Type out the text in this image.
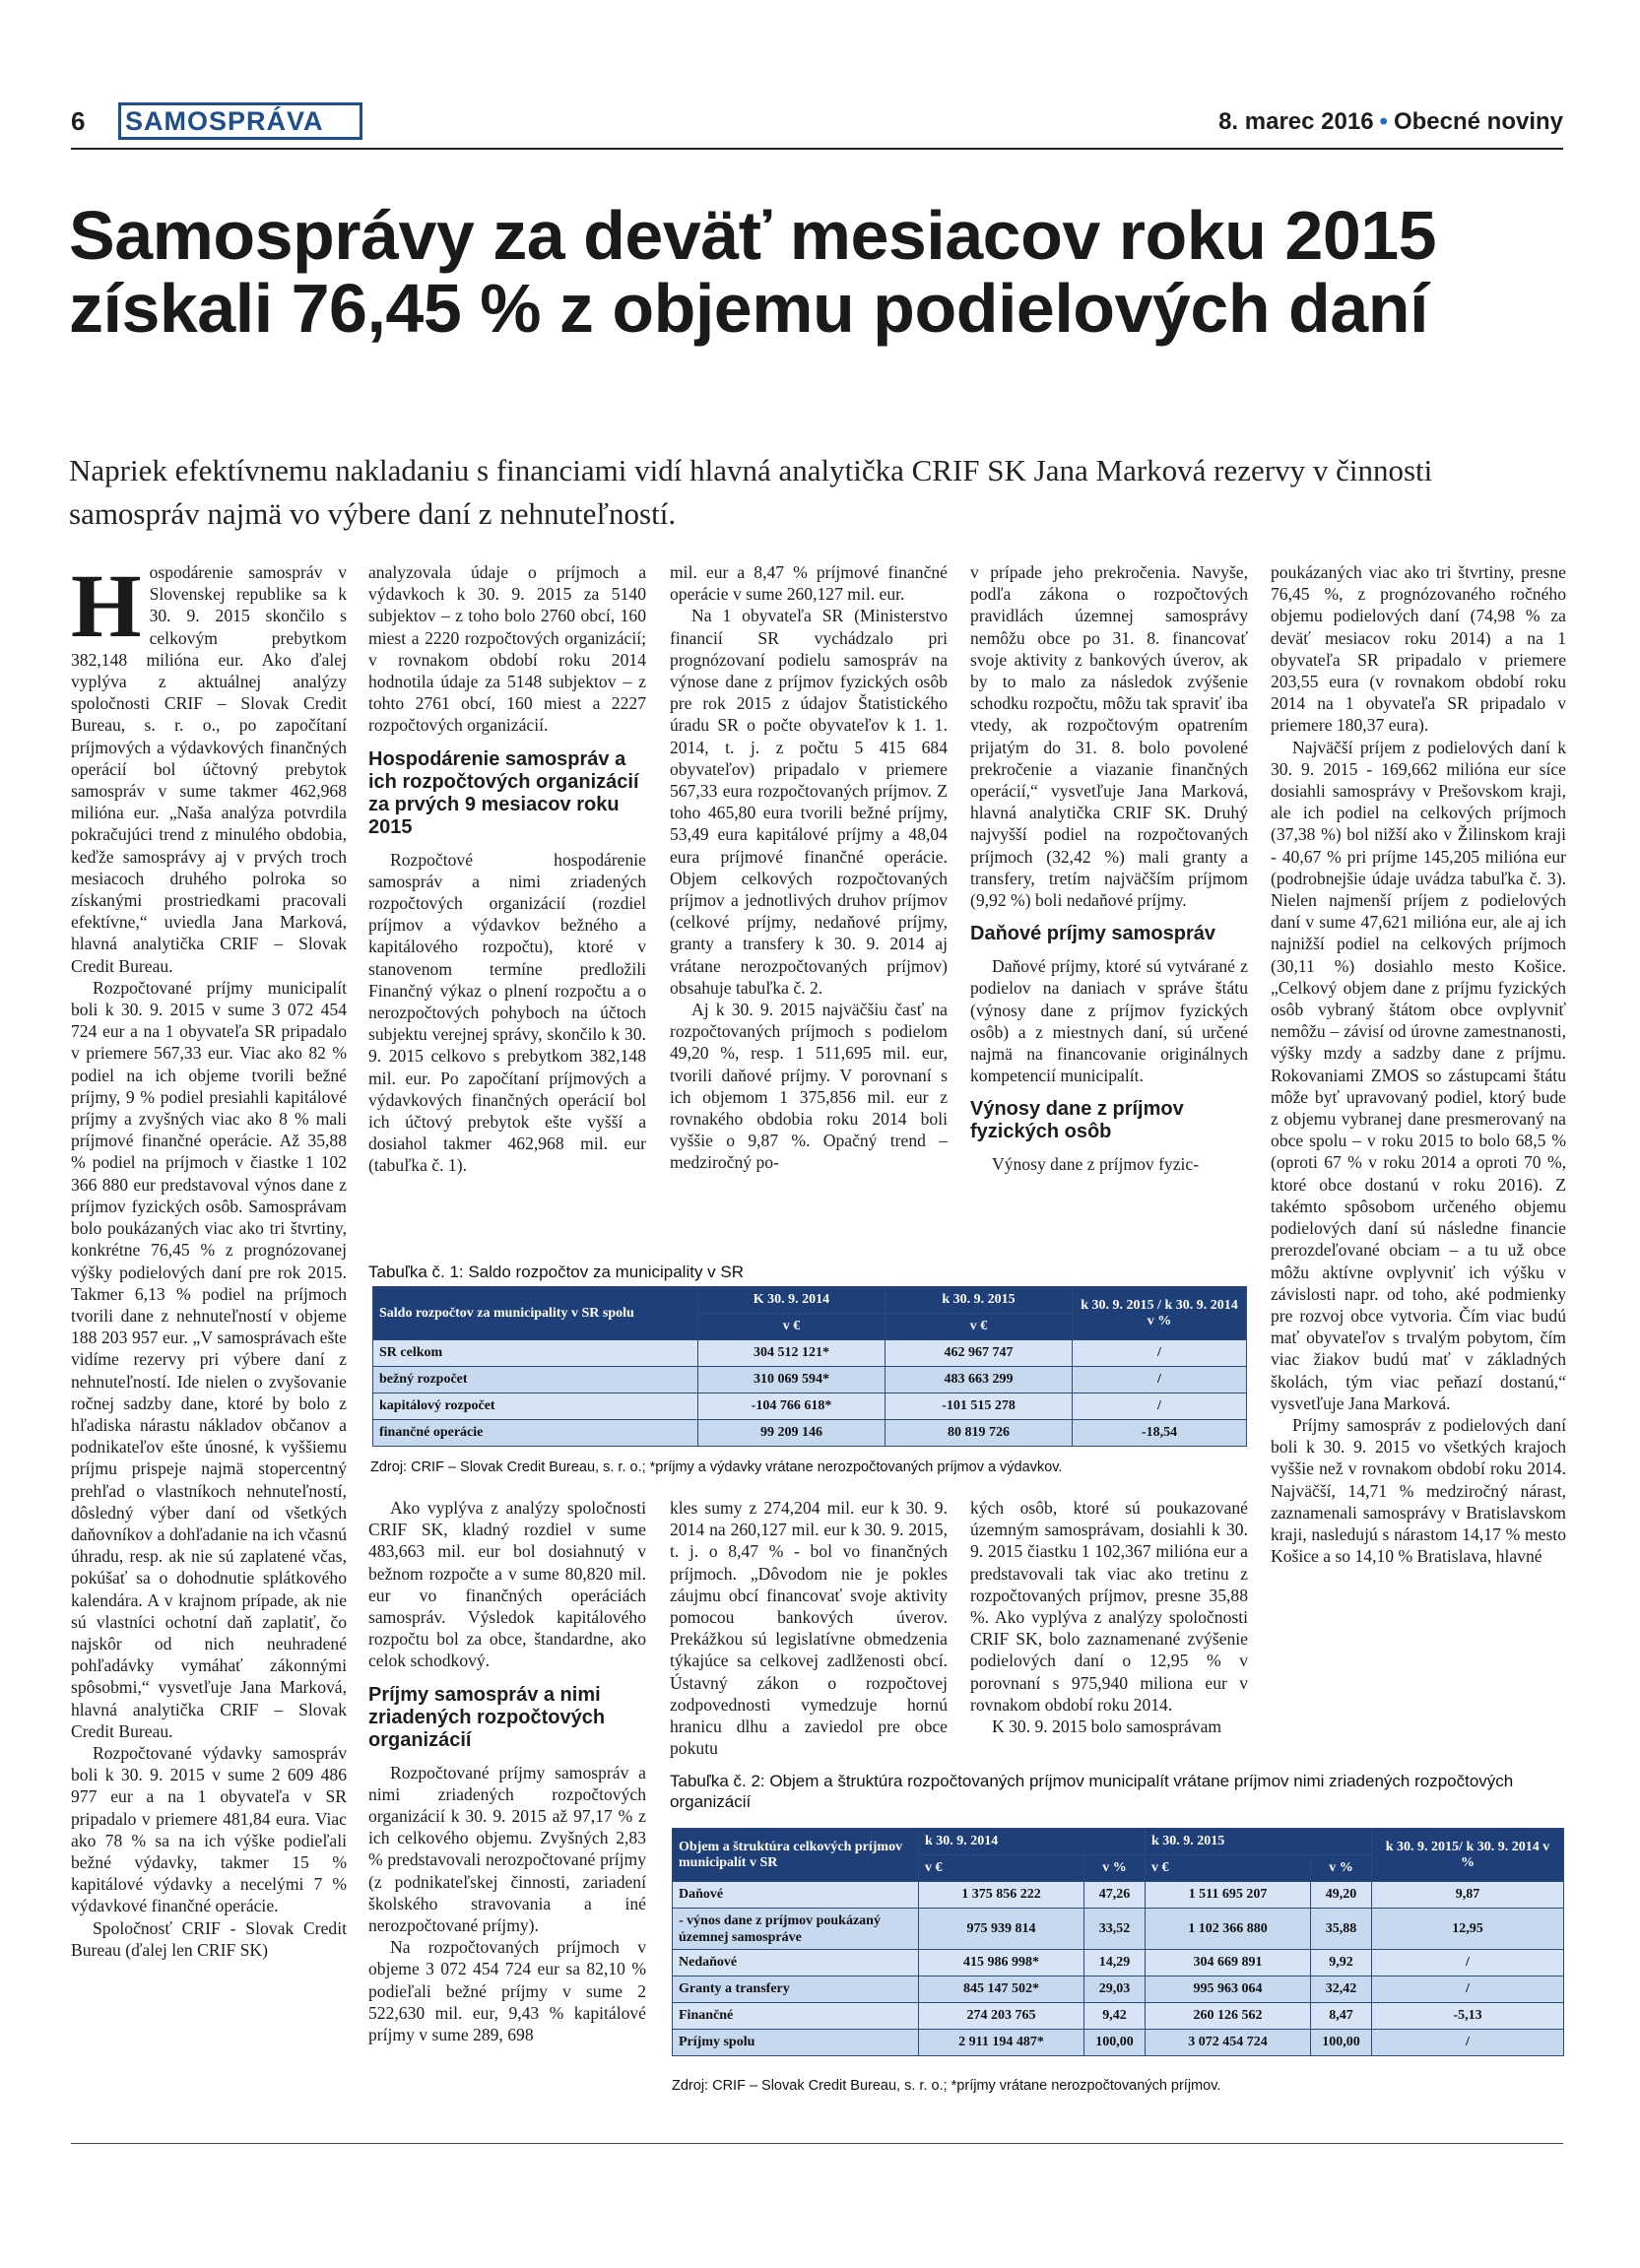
6 SAMOSPRÁVA	8. marec 2016 • Obecné noviny
Samosprávy za deväť mesiacov roku 2015 získali 76,45 % z objemu podielových daní
Napriek efektívnemu nakladaniu s financiami vidí hlavná analytička CRIF SK Jana Marková rezervy v činnosti samospráv najmä vo výbere daní z nehnuteľností.
H ospodárenie samospráv v Slovenskej republike sa k 30. 9. 2015 skončilo s celkovým prebytkom 382,148 milióna eur. Ako ďalej vyplýva z aktuálnej analýzy spoločnosti CRIF – Slovak Credit Bureau, s. r. o., po započítaní príjmových a výdavkových finančných operácií bol účtovný prebytok samospráv v sume takmer 462,968 milióna eur. „Naša analýza potvrdila pokračujúci trend z minulého obdobia, keďže samosprávy aj v prvých troch mesiacoch druhého polroka so získanými prostriedkami pracovali efektívne,“ uviedla Jana Marková, hlavná analytička CRIF – Slovak Credit Bureau.

Rozpočtované príjmy municipalít boli k 30. 9. 2015 v sume 3 072 454 724 eur a na 1 obyvateľa SR pripadalo v priemere 567,33 eur. Viac ako 82 % podiel na ich objeme tvorili bežné príjmy, 9 % podiel presiahli kapitálové príjmy a zvyšných viac ako 8 % mali príjmové finančné operácie. Až 35,88 % podiel na príjmoch v čiastke 1 102 366 880 eur predstavoval výnos dane z príjmov fyzických osôb. Samosprávam bolo poukázaných viac ako tri štvrtiny, konkrétne 76,45 % z prognózovanej výšky podielových daní pre rok 2015. Takmer 6,13 % podiel na príjmoch tvorili dane z nehnuteľností v objeme 188 203 957 eur. „V samosprávach ešte vidíme rezervy pri výbere daní z nehnuteľností. Ide nielen o zvyšovanie ročnej sadzby dane, ktoré by bolo z hľadiska nárastu nákladov občanov a podnikateľov ešte únosné, k vyššiemu príjmu prispeje najmä stopercentný prehľad o vlastníkoch nehnuteľností, dôsledný výber daní od všetkých daňovníkov a dohľadanie na ich včasnú úhradu, resp. ak nie sú zaplatené včas, pokúšať sa o dohodnutie splátkového kalendára. A v krajnom prípade, ak nie sú vlastníci ochotní daň zaplatiť, čo najskôr od nich neuhradené pohľadávky vymáhať zákonnými spôsobmi,“ vysvetľuje Jana Marková, hlavná analytička CRIF – Slovak Credit Bureau.

Rozpočtované výdavky samospráv boli k 30. 9. 2015 v sume 2 609 486 977 eur a na 1 obyvateľa v SR pripadalo v priemere 481,84 eura. Viac ako 78 % sa na ich výške podieľali bežné výdavky, takmer 15 % kapitálové výdavky a necelými 7 % výdavkové finančné operácie.

Spoločnosť CRIF - Slovak Credit Bureau (ďalej len CRIF SK)

analyzovala údaje o príjmoch a výdavkoch k 30. 9. 2015 za 5140 subjektov – z toho bolo 2760 obcí, 160 miest a 2220 rozpočtových organizácií; v rovnakom období roku 2014 hodnotila údaje za 5148 subjektov – z tohto 2761 obcí, 160 miest a 2227 rozpočtových organizácií.

Hospodárenie samospráv a ich rozpočtových organizácií za prvých 9 mesiacov roku 2015

Rozpočtové hospodárenie samospráv a nimi zriadených rozpočtových organizácií (rozdiel príjmov a výdavkov bežného a kapitálového rozpočtu), ktoré v stanovenom termíne predložili Finančný výkaz o plnení rozpočtu a o nerozpočtových pohyboch na účtoch subjektu verejnej správy, skončilo k 30. 9. 2015 celkovo s prebytkom 382,148 mil. eur. Po započítaní príjmových a výdavkových finančných operácií bol ich účtový prebytok ešte vyšší a dosiahol takmer 462,968 mil. eur (tabuľka č. 1).

mil. eur a 8,47 % príjmové finančné operácie v sume 260,127 mil. eur.

Na 1 obyvateľa SR (Ministerstvo financií SR vychádzalo pri prognózovaní podielu samospráv na výnose dane z príjmov fyzických osôb pre rok 2015 z údajov Štatistického úradu SR o počte obyvateľov k 1. 1. 2014, t. j. z počtu 5 415 684 obyvateľov) pripadalo v priemere 567,33 eura rozpočtovaných príjmov. Z toho 465,80 eura tvorili bežné príjmy, 53,49 eura kapitálové príjmy a 48,04 eura príjmové finančné operácie. Objem celkových rozpočtovaných príjmov a jednotlivých druhov príjmov (celkové príjmy, nedaňové príjmy, granty a transfery k 30. 9. 2014 aj vrátane nerozpočtovaných príjmov) obsahuje tabuľka č. 2.

Aj k 30. 9. 2015 najväčšiu časť na rozpočtovaných príjmoch s podielom 49,20 %, resp. 1 511,695 mil. eur, tvorili daňové príjmy. V porovnaní s ich objemom 1 375,856 mil. eur z rovnakého obdobia roku 2014 boli vyššie o 9,87 %. Opačný trend – medziročný po-

v prípade jeho prekročenia. Navyše, podľa zákona o rozpočtových pravidlách územnej samosprávy nemôžu obce po 31. 8. financovať svoje aktivity z bankových úverov, ak by to malo za následok zvýšenie schodku rozpočtu, môžu tak spraviť iba vtedy, ak rozpočtovým opatrením prijatým do 31. 8. bolo povolené prekročenie a viazanie finančných operácií,“ vysvetľuje Jana Marková, hlavná analytička CRIF SK. Druhý najvyšší podiel na rozpočtovaných príjmoch (32,42 %) mali granty a transfery, tretím najväčším príjmom (9,92 %) boli nedaňové príjmy.

Daňové príjmy samospráv

Daňové príjmy, ktoré sú vytvárané z podielov na daniach v správe štátu (výnosy dane z príjmov fyzických osôb) a z miestnych daní, sú určené najmä na financovanie originálnych kompetencií municipalít.

Výnosy dane z príjmov fyzických osôb

Výnosy dane z príjmov fyzic-

poukázaných viac ako tri štvrtiny, presne 76,45 %, z prognózovaného ročného objemu podielových daní (74,98 % za deväť mesiacov roku 2014) a na 1 obyvateľa SR pripadalo v priemere 203,55 eura (v rovnakom období roku 2014 na 1 obyvateľa SR pripadalo v priemere 180,37 eura).

Najväčší príjem z podielových daní k 30. 9. 2015 - 169,662 milióna eur síce dosiahli samosprávy v Prešovskom kraji, ale ich podiel na celkových príjmoch (37,38 %) bol nižší ako v Žilinskom kraji - 40,67 % pri príjme 145,205 milióna eur (podrobnejšie údaje uvádza tabuľka č. 3). Nielen najmenší príjem z podielových daní v sume 47,621 milióna eur, ale aj ich najnižší podiel na celkových príjmoch (30,11 %) dosiahlo mesto Košice. „Celkový objem dane z príjmu fyzických osôb vybraný štátom obce ovplyvniť nemôžu – závisí od úrovne zamestnanosti, výšky mzdy a sadzby dane z príjmu. Rokovaniami ZMOS so zástupcami štátu môže byť upravovaný podiel, ktorý bude z objemu vybranej dane presmerovaný na obce spolu – v roku 2015 to bolo 68,5 % (oproti 67 % v roku 2014 a oproti 70 %, ktoré obce dostanú v roku 2016). Z takémto spôsobom určeného objemu podielových daní sú následne financie prerozdeľované obciam – a tu už obce môžu aktívne ovplyvniť ich výšku v závislosti napr. od toho, aké podmienky pre rozvoj obce vytvoria. Čím viac budú mať obyvateľov s trvalým pobytom, čím viac žiakov budú mať v základných školách, tým viac peňazí dostanú,“ vysvetľuje Jana Marková.

Príjmy samospráv z podielových daní boli k 30. 9. 2015 vo všetkých krajoch vyššie než v rovnakom období roku 2014. Najväčší, 14,71 % medziročný nárast, zaznamenali samosprávy v Bratislavskom kraji, nasledujú s nárastom 14,17 % mesto Košice a so 14,10 % Bratislava, hlavné

Tabuľka č. 1: Saldo rozpočtov za municipality v SR
Saldo rozpočtov za municipality v SR spolu	K 30. 9. 2014	k 30. 9. 2015	k 30. 9. 2015 / k 30. 9. 2014 v %
	v €	v €	
SR celkom	304 512 121*	462 967 747	/
bežný rozpočet	310 069 594*	483 663 299	/
kapitálový rozpočet	-104 766 618*	-101 515 278	/
finančné operácie	99 209 146	80 819 726	-18,54
Zdroj: CRIF – Slovak Credit Bureau, s. r. o.; *príjmy a výdavky vrátane nerozpočtovaných príjmov a výdavkov.

Ako vyplýva z analýzy spoločnosti CRIF SK, kladný rozdiel v sume 483,663 mil. eur bol dosiahnutý v bežnom rozpočte a v sume 80,820 mil. eur vo finančných operáciách samospráv. Výsledok kapitálového rozpočtu bol za obce, štandardne, ako celok schodkový.

Príjmy samospráv a nimi zriadených rozpočtových organizácií

Rozpočtované príjmy samospráv a nimi zriadených rozpočtových organizácií k 30. 9. 2015 až 97,17 % z ich celkového objemu. Zvyšných 2,83 % predstavovali nerozpočtované príjmy (z podnikateľskej činnosti, zariadení školského stravovania a iné nerozpočtované príjmy).

Na rozpočtovaných príjmoch v objeme 3 072 454 724 eur sa 82,10 % podieľali bežné príjmy v sume 2 522,630 mil. eur, 9,43 % kapitálové príjmy v sume 289, 698

kles sumy z 274,204 mil. eur k 30. 9. 2014 na 260,127 mil. eur k 30. 9. 2015, t. j. o 8,47 % - bol vo finančných príjmoch. „Dôvodom nie je pokles záujmu obcí financovať svoje aktivity pomocou bankových úverov. Prekážkou sú legislatívne obmedzenia týkajúce sa celkovej zadlženosti obcí. Ústavný zákon o rozpočtovej zodpovednosti vymedzuje hornú hranicu dlhu a zaviedol pre obce pokutu

kých osôb, ktoré sú poukazované územným samosprávam, dosiahli k 30. 9. 2015 čiastku 1 102,367 milióna eur a predstavovali tak viac ako tretinu z rozpočtovaných príjmov, presne 35,88 %. Ako vyplýva z analýzy spoločnosti CRIF SK, bolo zaznamenané zvýšenie podielových daní o 12,95 % v porovnaní s 975,940 miliona eur v rovnakom období roku 2014.

K 30. 9. 2015 bolo samosprávam

Tabuľka č. 2: Objem a štruktúra rozpočtovaných príjmov municipalít vrátane príjmov nimi zriadených rozpočtových organizácií
Objem a štruktúra celkových príjmov municipalít v SR	k 30. 9. 2014		k 30. 9. 2015		k 30. 9. 2015/ k 30. 9. 2014 v %
	v €	v %	v €	v %	
Daňové	1 375 856 222	47,26	1 511 695 207	49,20	9,87
- výnos dane z príjmov poukázaný územnej samospráve	975 939 814	33,52	1 102 366 880	35,88	12,95
Nedaňové	415 986 998*	14,29	304 669 891	9,92	/
Granty a transfery	845 147 502*	29,03	995 963 064	32,42	/
Finančné	274 203 765	9,42	260 126 562	8,47	-5,13
Príjmy spolu	2 911 194 487*	100,00	3 072 454 724	100,00	/
Zdroj: CRIF – Slovak Credit Bureau, s. r. o.; *príjmy vrátane nerozpočtovaných príjmov.
